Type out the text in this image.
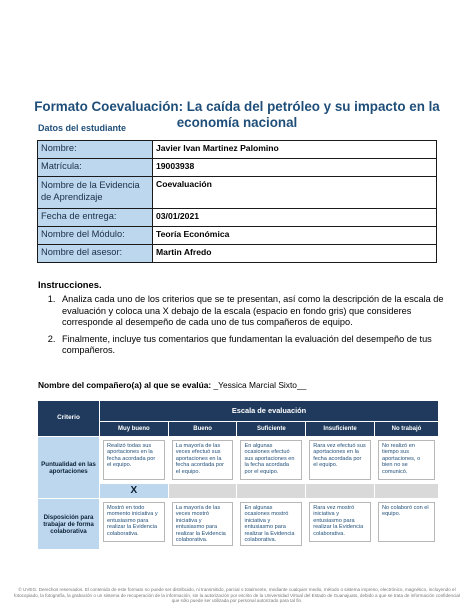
Formato Coevaluación: La caída del petróleo y su impacto en la economía nacional
Datos del estudiante
Nombre:	Javier Ivan Martinez Palomino
Matrícula:	19003938
Nombre de la Evidencia de Aprendizaje	Coevaluación
Fecha de entrega:	03/01/2021
Nombre del Módulo:	Teoría Económica
Nombre del asesor:	Martin Afredo
Instrucciones.
1. Analiza cada uno de los criterios que se te presentan, así como la descripción de la escala de evaluación y coloca una X debajo de la escala (espacio en fondo gris) que consideres corresponde al desempeño de cada uno de tus compañeros de equipo.
2. Finalmente, incluye tus comentarios que fundamentan la evaluación del desempeño de tus compañeros.
Nombre del compañero(a) al que se evalúa: _Yessica Marcial Sixto__
Criterio	Escala de evaluación				
	Muy bueno	Bueno	Suficiente	Insuficiente	No trabajó
Puntualidad en las aportaciones	Realizó todas sus aportaciones en la fecha acordada por el equipo.	La mayoría de las veces efectuó sus aportaciones en la fecha acordada por el equipo.	En algunas ocasiones efectuó sus aportaciones en la fecha acordada por el equipo.	Rara vez efectuó sus aportaciones en la fecha acordada por el equipo.	No realizó en tiempo sus aportaciones, o bien no se comunicó.

	X				
Disposición para trabajar de forma colaborativa	Mostró en todo momento iniciativa y entusiasmo para realizar la Evidencia colaborativa.	La mayoría de las veces mostró iniciativa y entusiasmo para realizar la Evidencia colaborativa.	En algunas ocasiones mostró iniciativa y entusiasmo para realizar la Evidencia colaborativa.	Rara vez mostró iniciativa y entusiasmo para realizar la Evidencia colaborativa.	No colaboró con el equipo.
© UVEG. Derechos reservados. El contenido de este formato no puede ser distribuido, ni transmitido, parcial o totalmente, mediante cualquier medio, método o sistema impreso, electrónico, magnético, incluyendo el fotocopiado, la fotografía, la grabación o un sistema de recuperación de la información, sin la autorización por escrito de la Universidad Virtual del Estado de Guanajuato, debido a que se trata de información confidencial que sólo puede ser utilizada por personal autorizado para tal fin.
